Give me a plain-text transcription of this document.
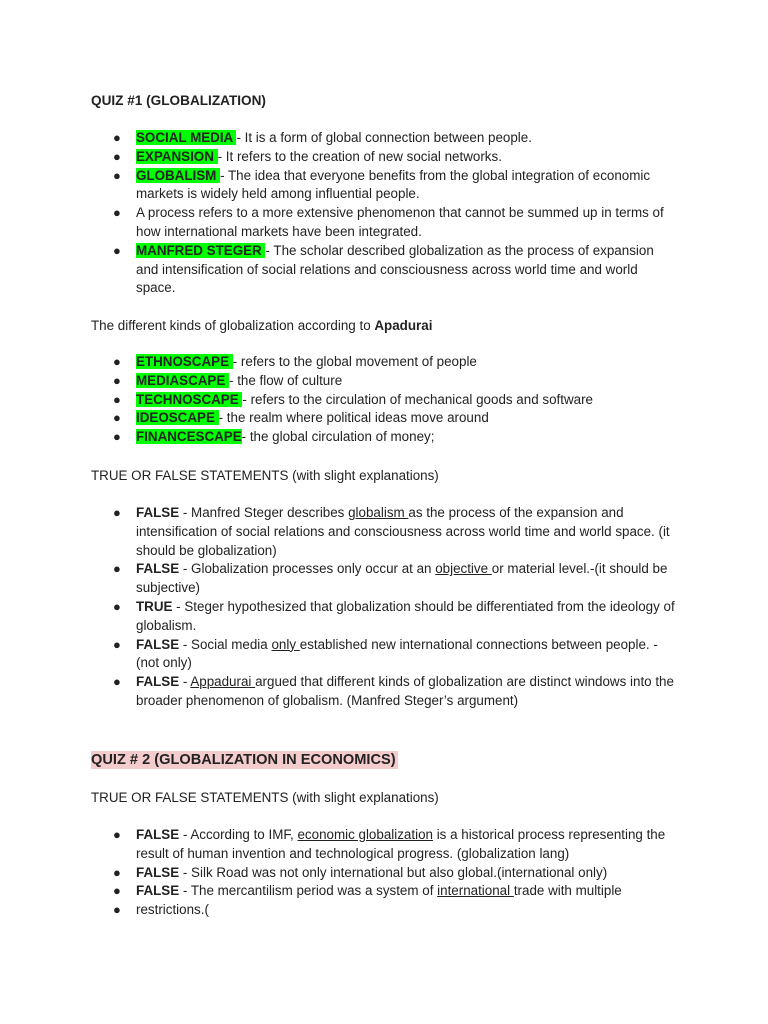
QUIZ #1 (GLOBALIZATION)
● SOCIAL MEDIA - It is a form of global connection between people.
● EXPANSION - It refers to the creation of new social networks.
● GLOBALISM - The idea that everyone benefits from the global integration of economic markets is widely held among influential people.
● A process refers to a more extensive phenomenon that cannot be summed up in terms of how international markets have been integrated.
● MANFRED STEGER - The scholar described globalization as the process of expansion and intensification of social relations and consciousness across world time and world space.
The different kinds of globalization according to Apadurai
● ETHNOSCAPE - refers to the global movement of people
● MEDIASCAPE - the flow of culture
● TECHNOSCAPE - refers to the circulation of mechanical goods and software
● IDEOSCAPE - the realm where political ideas move around
● FINANCESCAPE- the global circulation of money;
TRUE OR FALSE STATEMENTS (with slight explanations)
● FALSE - Manfred Steger describes globalism as the process of the expansion and intensification of social relations and consciousness across world time and world space. (it should be globalization)
● FALSE - Globalization processes only occur at an objective or material level.-(it should be subjective)
● TRUE - Steger hypothesized that globalization should be differentiated from the ideology of globalism.
● FALSE - Social media only established new international connections between people. - (not only)
● FALSE - Appadurai argued that different kinds of globalization are distinct windows into the broader phenomenon of globalism. (Manfred Steger’s argument)
QUIZ # 2 (GLOBALIZATION IN ECONOMICS)
TRUE OR FALSE STATEMENTS (with slight explanations)
● FALSE - According to IMF, economic globalization is a historical process representing the result of human invention and technological progress. (globalization lang)
● FALSE - Silk Road was not only international but also global.(international only)
● FALSE - The mercantilism period was a system of international trade with multiple
● restrictions.(
